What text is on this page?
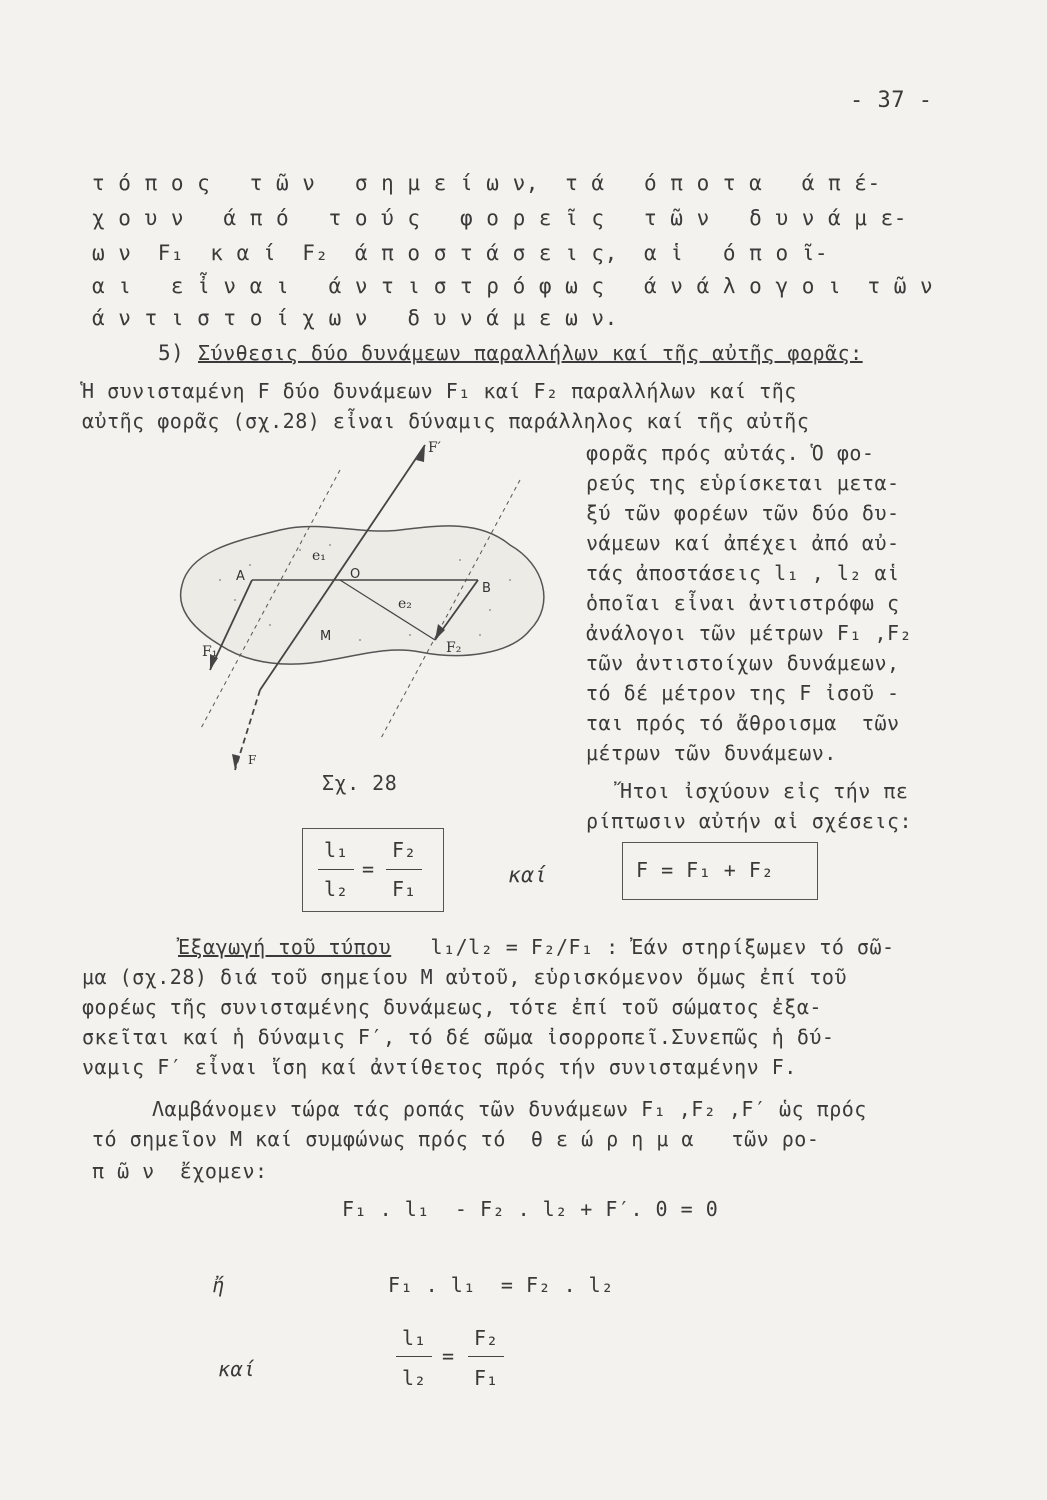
- 37 -
τ ό π ο ς   τ ῶ ν   σ η μ ε ί ω ν,  τ ά   ό π ο τ α   ά π έ-
χ ο υ ν   ά π ό   τ ο ύ ς   φ ο ρ ε ῖ ς   τ ῶ ν   δ υ ν ά μ ε-
ω ν  F₁  κ α ί  F₂  ά π ο σ τ ά σ ε ι ς,  α ἱ   ό π ο ῖ-
α ι   ε ἶ ν α ι   ά ν τ ι σ τ ρ ό φ ω ς   ά ν ά λ ο γ ο ι  τ ῶ ν
ά ν τ ι σ τ ο ί χ ω ν   δ υ ν ά μ ε ω ν.
5) Σύνθεσις δύο δυνάμεων παραλλήλων καί τῆς αὐτῆς φορᾶς:
Ἡ συνισταμένη F δύο δυνάμεων F₁ καί F₂ παραλλήλων καί τῆς
αὐτῆς φορᾶς (σχ.28) εἶναι δύναμις παράλληλος καί τῆς αὐτῆς
φορᾶς πρός αὐτάς. Ὁ φο-
ρεύς της εὑρίσκεται μετα-
ξύ τῶν φορέων τῶν δύο δυ-
νάμεων καί ἀπέχει ἀπό αὐ-
τάς ἀποστάσεις l₁ , l₂ αἱ
ὁποῖαι εἶναι ἀντιστρόφω ς
ἀνάλογοι τῶν μέτρων F₁ ,F₂
τῶν ἀντιστοίχων δυνάμεων,
τό δέ μέτρον της F ἰσοῦ -
ται πρός τό ἄθροισμα  τῶν
μέτρων τῶν δυνάμεων.
Ἤτοι ἰσχύουν εἰς τήν πε
ρίπτωσιν αὐτήν αἱ σχέσεις:
F′
A	O
B
e₁
e₂
M
F₁	F₂
F
Σχ. 28
l₁
l₂
=
F₂
F₁
καί	F = F₁ + F₂
Ἐξαγωγή τοῦ τύπου l₁/l₂ = F₂/F₁ : Ἐάν στηρίξωμεν τό σῶ-
μα (σχ.28) διά τοῦ σημείου M αὐτοῦ, εὑρισκόμενον ὅμως ἐπί τοῦ
φορέως τῆς συνισταμένης δυνάμεως, τότε ἐπί τοῦ σώματος ἐξα-
σκεῖται καί ἡ δύναμις F′, τό δέ σῶμα ἰσορροπεῖ.Συνεπῶς ἡ δύ-
ναμις F′ εἶναι ἴση καί ἀντίθετος πρός τήν συνισταμένην F.
Λαμβάνομεν τώρα τάς ροπάς τῶν δυνάμεων F₁ ,F₂ ,F′ ὡς πρός
τό σημεῖον M καί συμφώνως πρός τό  θ ε ώ ρ η μ α   τῶν ρο-
π ῶ ν  ἔχομεν:
F₁ . l₁  - F₂ . l₂ + F′. 0 = 0
ἤ	F₁ . l₁  = F₂ . l₂
καί
l₁
l₂
=
F₂
F₁
